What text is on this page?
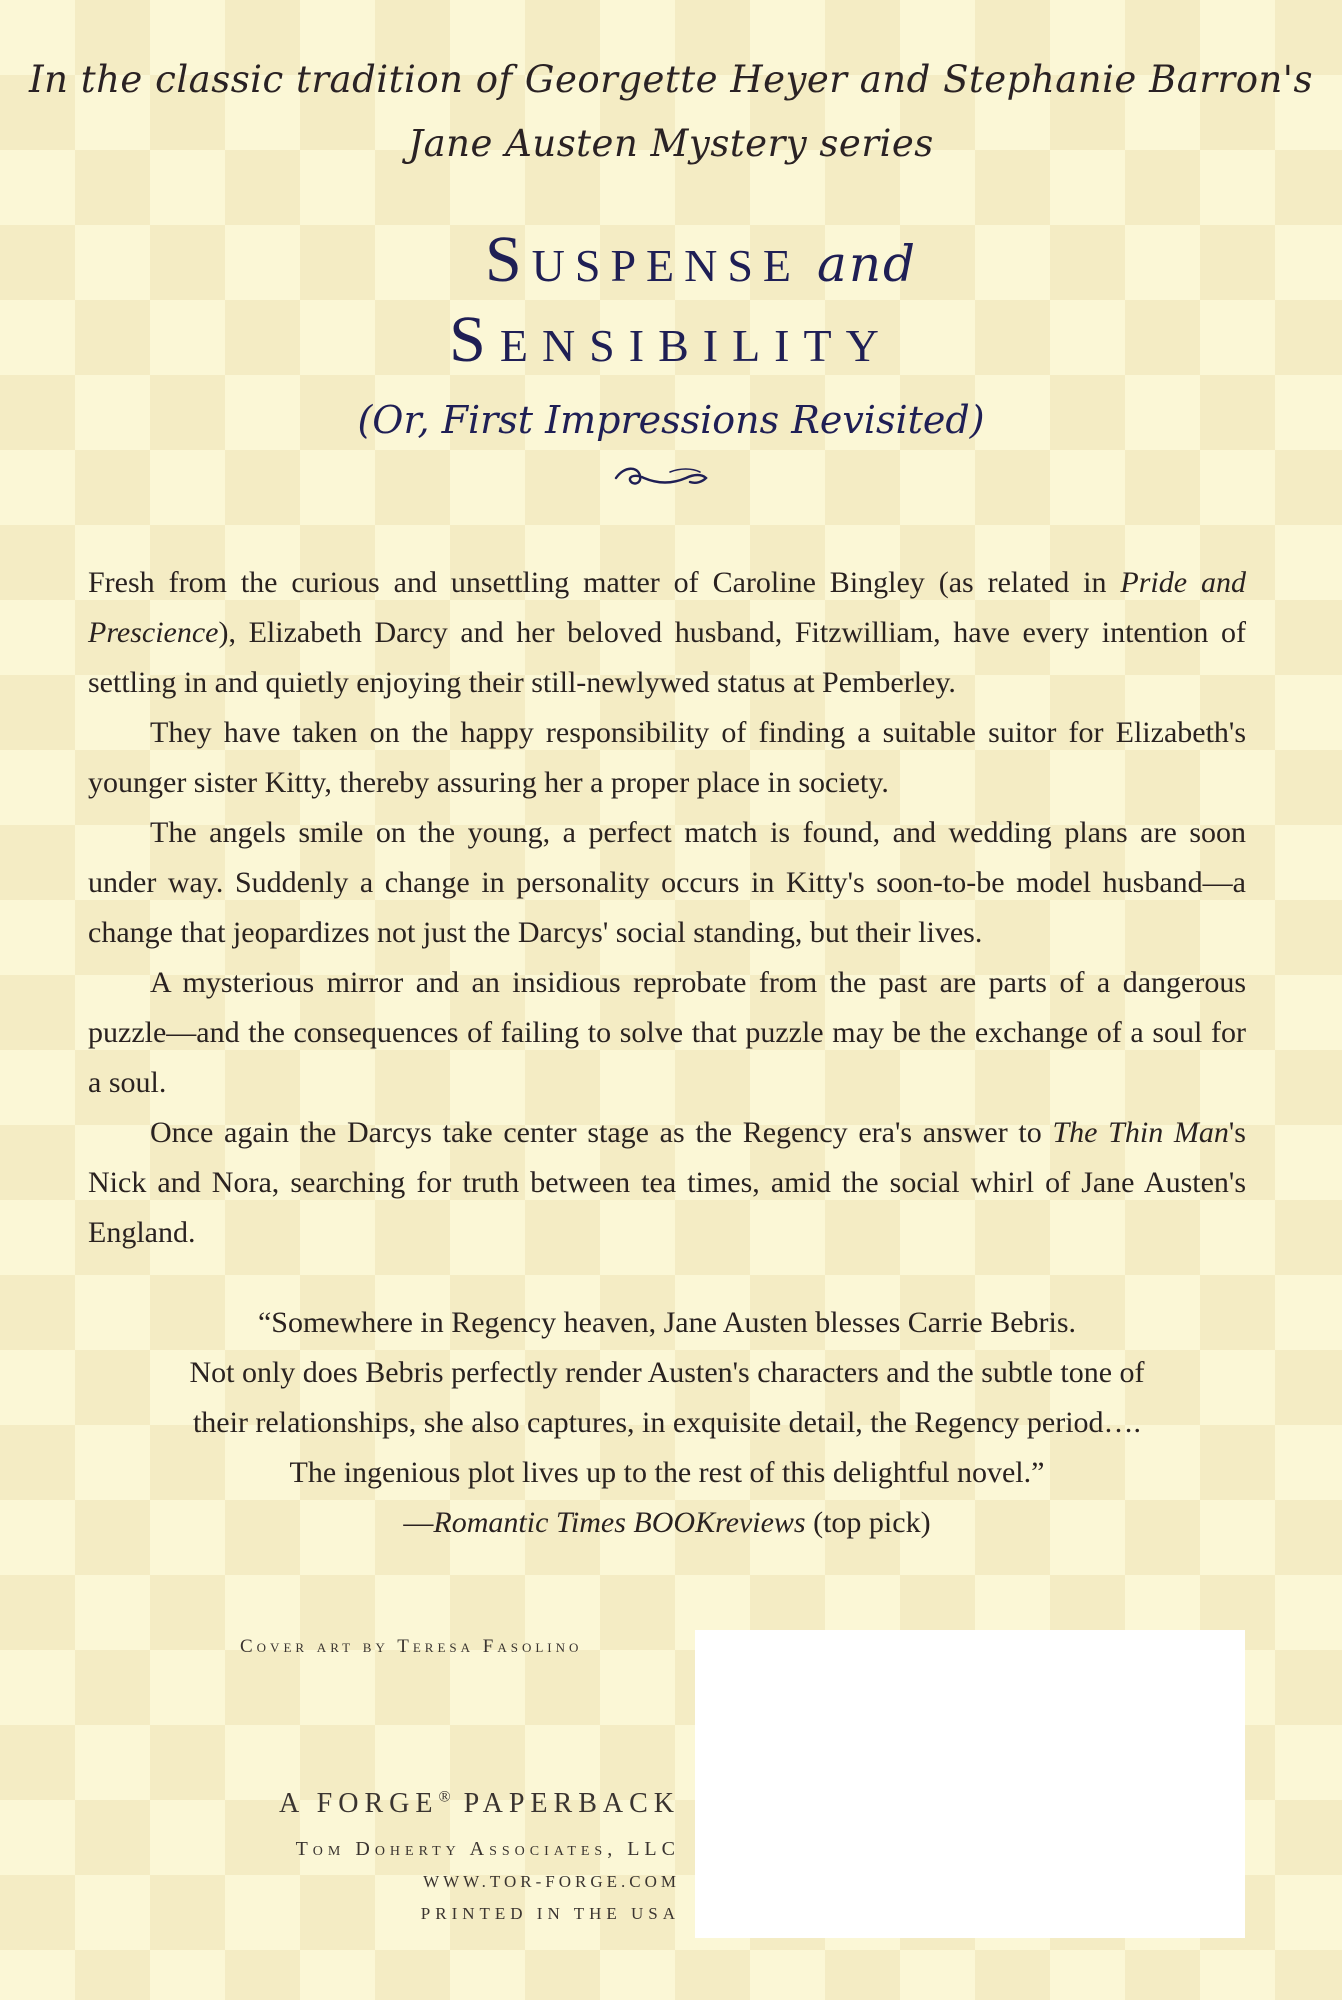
In the classic tradition of Georgette Heyer and Stephanie Barron's
Jane Austen Mystery series
Suspense and
Sensibility
(Or, First Impressions Revisited)

Fresh from the curious and unsettling matter of Caroline Bingley (as related in Pride and Prescience), Elizabeth Darcy and her beloved husband, Fitzwilliam, have every intention of settling in and quietly enjoying their still-newlywed status at Pemberley.

They have taken on the happy responsibility of finding a suitable suitor for Elizabeth's younger sister Kitty, thereby assuring her a proper place in society.

The angels smile on the young, a perfect match is found, and wedding plans are soon under way. Suddenly a change in personality occurs in Kitty's soon-to-be model husband—a change that jeopardizes not just the Darcys' social standing, but their lives.

A mysterious mirror and an insidious reprobate from the past are parts of a dangerous puzzle—and the consequences of failing to solve that puzzle may be the exchange of a soul for a soul.

Once again the Darcys take center stage as the Regency era's answer to The Thin Man's Nick and Nora, searching for truth between tea times, amid the social whirl of Jane Austen's England.

“Somewhere in Regency heaven, Jane Austen blesses Carrie Bebris.
Not only does Bebris perfectly render Austen's characters and the subtle tone of
their relationships, she also captures, in exquisite detail, the Regency period….
The ingenious plot lives up to the rest of this delightful novel.”
—Romantic Times BOOKreviews (top pick)
Cover art by Teresa Fasolino
A FORGE® PAPERBACK
Tom Doherty Associates, LLC
WWW.TOR-FORGE.COM
PRINTED IN THE USA
